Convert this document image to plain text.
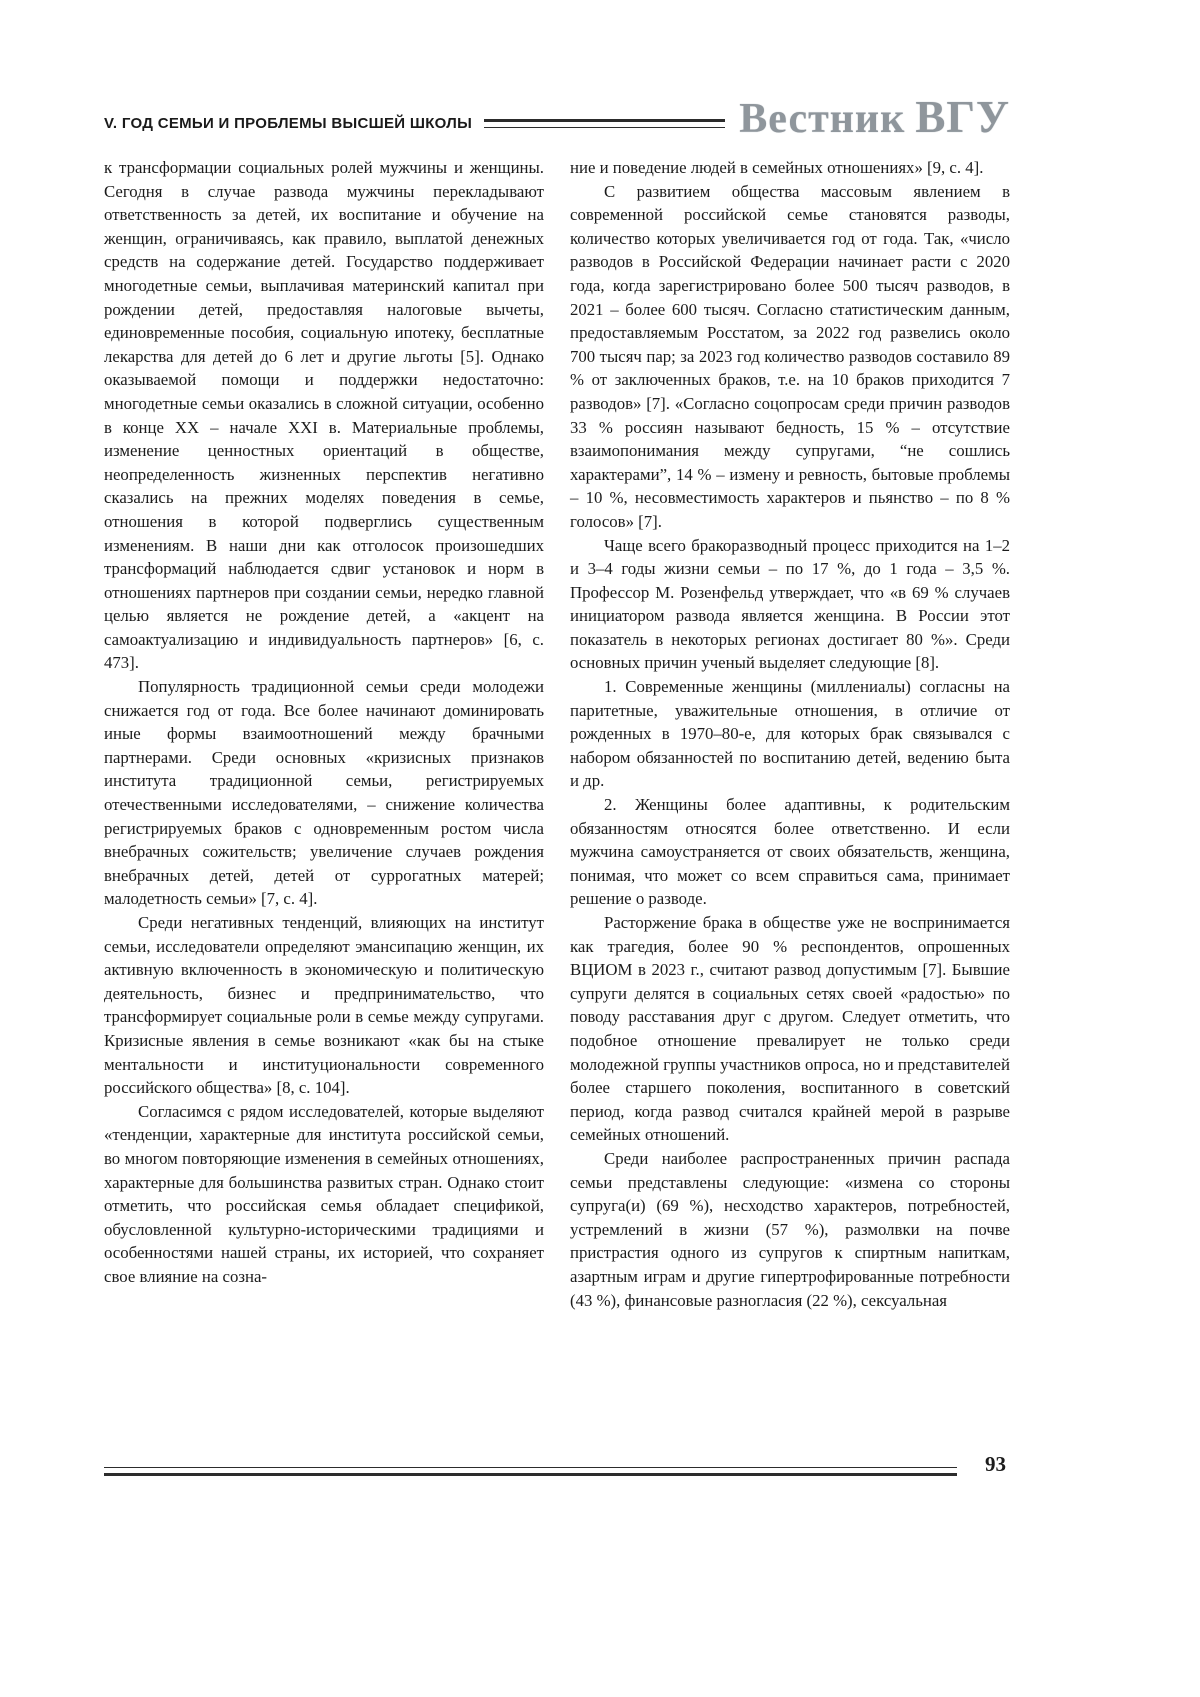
V. ГОД СЕМЬИ И ПРОБЛЕМЫ ВЫСШЕЙ ШКОЛЫ	Вестник ВГУ

к трансформации социальных ролей мужчины и женщины. Сегодня в случае развода мужчины перекладывают ответственность за детей, их воспитание и обучение на женщин, ограничиваясь, как правило, выплатой денежных средств на содержание детей. Государство поддерживает многодетные семьи, выплачивая материнский капитал при рождении детей, предоставляя налоговые вычеты, единовременные пособия, социальную ипотеку, бесплатные лекарства для детей до 6 лет и другие льготы [5]. Однако оказываемой помощи и поддержки недостаточно: многодетные семьи оказались в сложной ситуации, особенно в конце XX – начале XXI в. Материальные проблемы, изменение ценностных ориентаций в обществе, неопределенность жизненных перспектив негативно сказались на прежних моделях поведения в семье, отношения в которой подверглись существенным изменениям. В наши дни как отголосок произошедших трансформаций наблюдается сдвиг установок и норм в отношениях партнеров при создании семьи, нередко главной целью является не рождение детей, а «акцент на самоактуализацию и индивидуальность партнеров» [6, с. 473].

Популярность традиционной семьи среди молодежи снижается год от года. Все более начинают доминировать иные формы взаимоотношений между брачными партнерами. Среди основных «кризисных признаков института традиционной семьи, регистрируемых отечественными исследователями, – снижение количества регистрируемых браков с одновременным ростом числа внебрачных сожительств; увеличение случаев рождения внебрачных детей, детей от суррогатных матерей; малодетность семьи» [7, с. 4].

Среди негативных тенденций, влияющих на институт семьи, исследователи определяют эмансипацию женщин, их активную включенность в экономическую и политическую деятельность, бизнес и предпринимательство, что трансформирует социальные роли в семье между супругами. Кризисные явления в семье возникают «как бы на стыке ментальности и институциональности современного российского общества» [8, с. 104].

Согласимся с рядом исследователей, которые выделяют «тенденции, характерные для института российской семьи, во многом повторяющие изменения в семейных отношениях, характерные для большинства развитых стран. Однако стоит отметить, что российская семья обладает спецификой, обусловленной культурно-историческими традициями и особенностями нашей страны, их историей, что сохраняет свое влияние на созна-

ние и поведение людей в семейных отношениях» [9, с. 4].

С развитием общества массовым явлением в современной российской семье становятся разводы, количество которых увеличивается год от года. Так, «число разводов в Российской Федерации начинает расти с 2020 года, когда зарегистрировано более 500 тысяч разводов, в 2021 – более 600 тысяч. Согласно статистическим данным, предоставляемым Росстатом, за 2022 год развелись около 700 тысяч пар; за 2023 год количество разводов составило 89 % от заключенных браков, т.е. на 10 браков приходится 7 разводов» [7]. «Согласно соцопросам среди причин разводов 33 % россиян называют бедность, 15 % – отсутствие взаимопонимания между супругами, “не сошлись характерами”, 14 % – измену и ревность, бытовые проблемы – 10 %, несовместимость характеров и пьянство – по 8 % голосов» [7].

Чаще всего бракоразводный процесс приходится на 1–2 и 3–4 годы жизни семьи – по 17 %, до 1 года – 3,5 %. Профессор М. Розенфельд утверждает, что «в 69 % случаев инициатором развода является женщина. В России этот показатель в некоторых регионах достигает 80 %». Среди основных причин ученый выделяет следующие [8].

1. Современные женщины (миллениалы) согласны на паритетные, уважительные отношения, в отличие от рожденных в 1970–80-е, для которых брак связывался с набором обязанностей по воспитанию детей, ведению быта и др.

2. Женщины более адаптивны, к родительским обязанностям относятся более ответственно. И если мужчина самоустраняется от своих обязательств, женщина, понимая, что может со всем справиться сама, принимает решение о разводе.

Расторжение брака в обществе уже не воспринимается как трагедия, более 90 % респондентов, опрошенных ВЦИОМ в 2023 г., считают развод допустимым [7]. Бывшие супруги делятся в социальных сетях своей «радостью» по поводу расставания друг с другом. Следует отметить, что подобное отношение превалирует не только среди молодежной группы участников опроса, но и представителей более старшего поколения, воспитанного в советский период, когда развод считался крайней мерой в разрыве семейных отношений.

Среди наиболее распространенных причин распада семьи представлены следующие: «измена со стороны супруга(и) (69 %), несходство характеров, потребностей, устремлений в жизни (57 %), размолвки на почве пристрастия одного из супругов к спиртным напиткам, азартным играм и другие гипертрофированные потребности (43 %), финансовые разногласия (22 %), сексуальная

93
